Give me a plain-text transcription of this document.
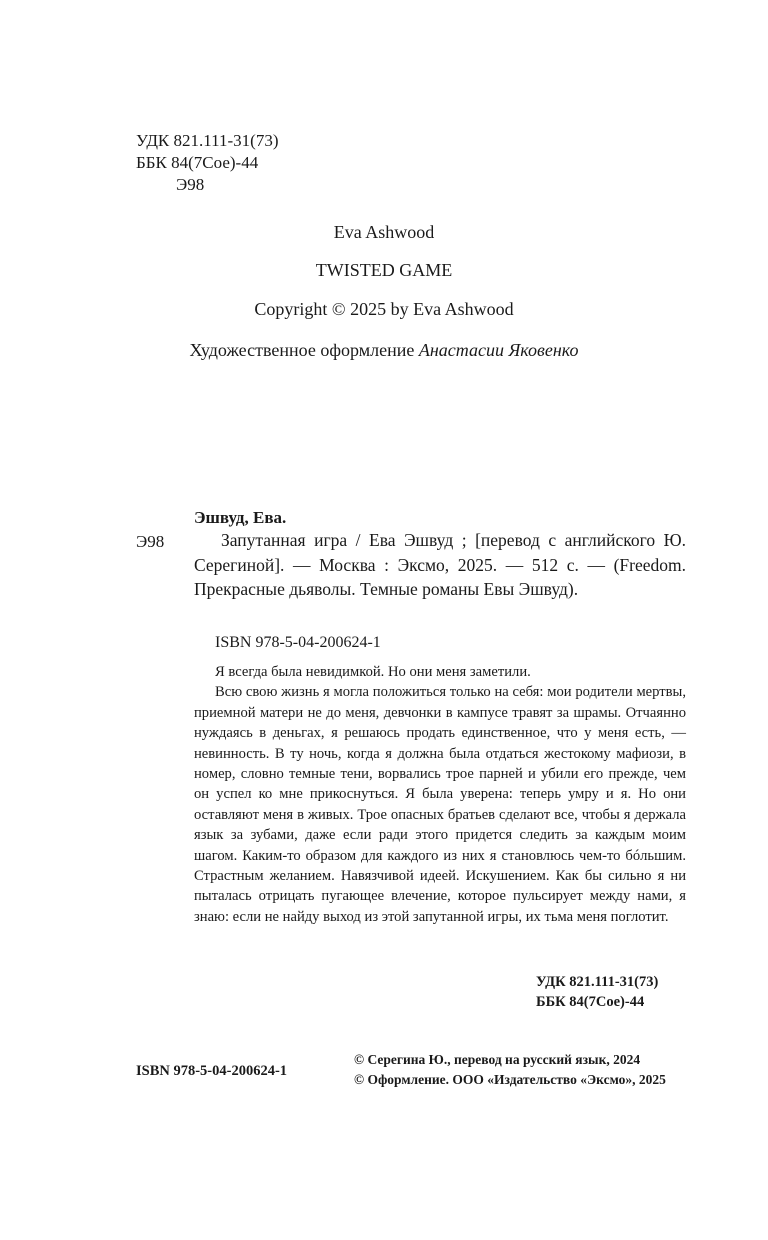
УДК 821.111-31(73)
ББК 84(7Сое)-44
Э98
Eva Ashwood
TWISTED GAME
Copyright © 2025 by Eva Ashwood
Художественное оформление Анастасии Яковенко
Эшвуд, Ева.
Э98	Запутанная игра / Ева Эшвуд ; [перевод с английского Ю. Серегиной]. — Москва : Эксмо, 2025. — 512 с. — (Freedom. Прекрасные дьяволы. Темные романы Евы Эшвуд).
ISBN 978-5-04-200624-1

Я всегда была невидимкой. Но они меня заметили.

Всю свою жизнь я могла положиться только на себя: мои родители мертвы, приемной матери не до меня, девчонки в кампусе травят за шрамы. Отчаянно нуждаясь в деньгах, я решаюсь продать единственное, что у меня есть, — невинность. В ту ночь, когда я должна была отдаться жестокому мафиози, в номер, словно темные тени, ворвались трое парней и убили его прежде, чем он успел ко мне прикоснуться. Я была уверена: теперь умру и я. Но они оставляют меня в живых. Трое опасных братьев сделают все, чтобы я держала язык за зубами, даже если ради этого придется следить за каждым моим шагом. Каким-то образом для каждого из них я становлюсь чем-то бóльшим. Страстным желанием. Навязчивой идеей. Искушением. Как бы сильно я ни пыталась отрицать пугающее влечение, которое пульсирует между нами, я знаю: если не найду выход из этой запутанной игры, их тьма меня поглотит.

УДК 821.111-31(73)
ББК 84(7Сое)-44
ISBN 978-5-04-200624-1
© Серегина Ю., перевод на русский язык, 2024
© Оформление. ООО «Издательство «Эксмо», 2025
